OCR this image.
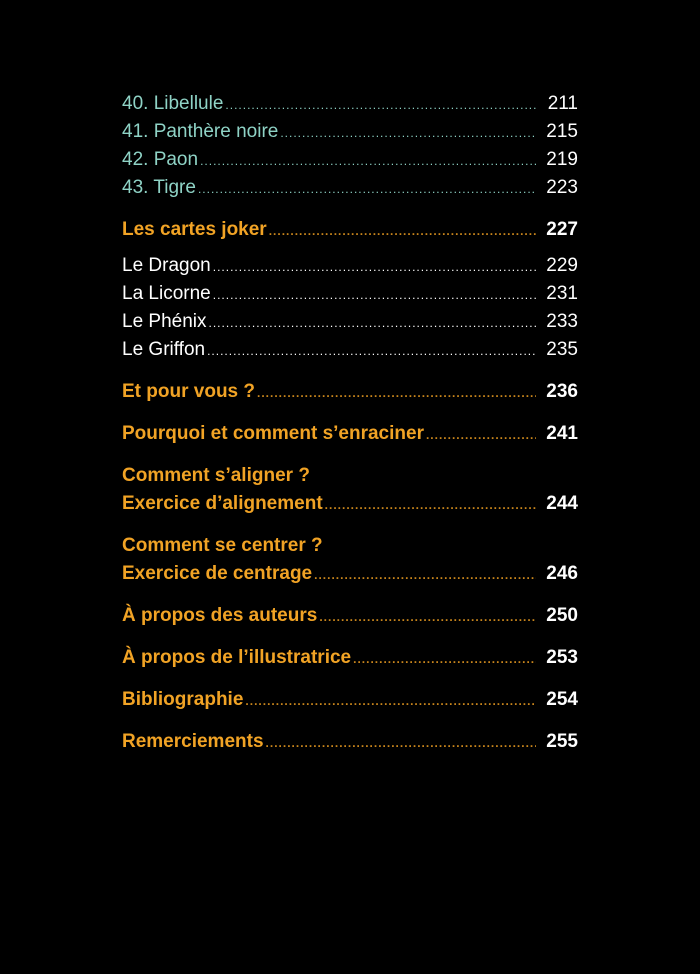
40. Libellule .....	211
41. Panthère noire .....	215
42. Paon .....	219
43. Tigre .....	223
Les cartes joker .....	227
Le Dragon .....	229
La Licorne .....	231
Le Phénix .....	233
Le Griffon .....	235
Et pour vous ? .....	236
Pourquoi et comment s’enraciner .....	241
Comment s’aligner ?
Exercice d’alignement .....	244
Comment se centrer ?
Exercice de centrage .....	246
À propos des auteurs .....	250
À propos de l’illustratrice .....	253
Bibliographie .....	254
Remerciements .....	255
